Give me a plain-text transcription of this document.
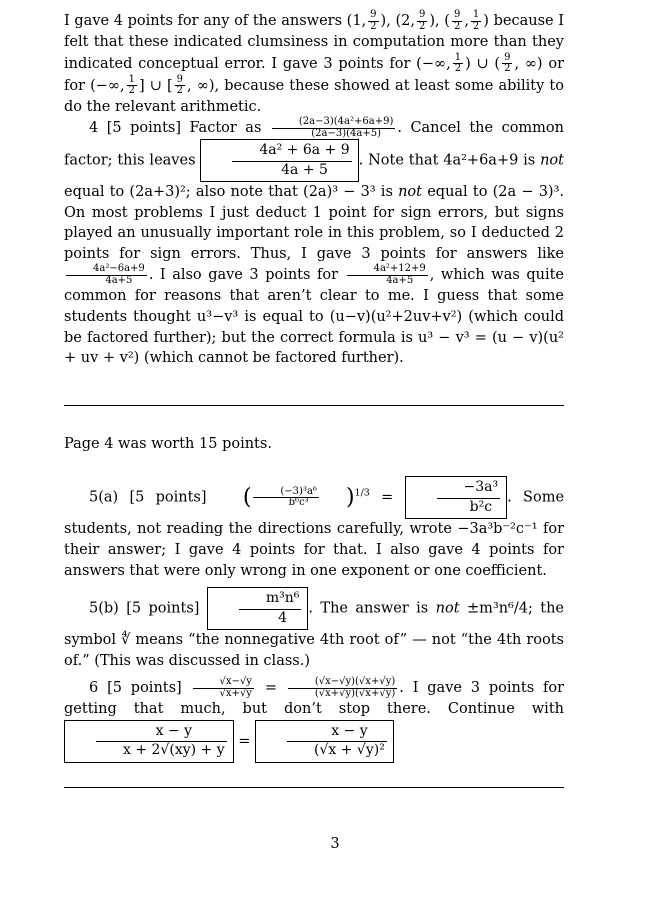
I gave 4 points for any of the answers (1, $\frac{9}{2}$ ), (2, $\frac{9}{2}$ ), ( $\frac{9}{2}$ , $\frac{1}{2}$ ) because I felt that these indicated clumsiness in computation more than they indicated conceptual error. I gave 3 points for (−∞, $\frac{1}{2}$ ) ∪ ( $\frac{9}{2}$ , ∞) or for (−∞, $\frac{1}{2}$ ] ∪ [ $\frac{9}{2}$ , ∞), because these showed at least some ability to do the relevant arithmetic.

4 [5 points] Factor as $\frac{\text{(2a−3)(4a²+6a+9)}}{(2a-3)(4a+5)}$ . Cancel the common factor; this leaves	$\frac{\text{4a² + 6a + 9}}{4a + 5}$ . Note that 4a²+6a+9 is not equal to (2a+3)²; also note that (2a)³ − 3³ is not equal to (2a − 3)³. On most problems I just deduct 1 point for sign errors, but signs played an unusually important role in this problem, so I deducted 2 points for sign errors. Thus, I gave 3 points for answers like
$\frac{\text{4a²−6a+9}}{4a+5}$ . I also gave 3 points for $\frac{\text{4a²+12+9}}{4a+5}$ , which was quite common for reasons that aren’t clear to me. I guess that some students thought u³−v³ is equal to (u−v)(u²+2uv+v²) (which could be factored further); but the correct formula is u³ − v³ = (u − v)(u² + uv + v²) (which cannot be factored further).

Page 4 was worth 15 points.

5(a) [5 points] ( $\frac{\text{(−3)³a⁶}}{\text{b⁶c³}} )^{1/3}$ =	$\frac{\text{−3a³}}{\text{b²c}}$ . Some students, not reading the directions carefully, wrote −3a³b⁻²c⁻¹ for their answer; I gave 4 points for that. I also gave 4 points for answers that were only wrong in one exponent or one coefficient.

5(b) [5 points]	$\frac{\text{m³n⁶}}{4}$ . The answer is not ±m³n⁶/4; the symbol ∜ means “the nonnegative 4th root of” — not “the 4th roots of.” (This was discussed in class.)

6 [5 points] $\frac{√x-√y}{√x+√y} = \frac{(√x-√y)(√x+√y)}{(√x+√y)(√x+√y)}$ . I gave 3 points for getting that much, but don’t stop there. Continue with
$\frac{x - y}{x + 2√(xy) + y}$ =	$\frac{x - y}{\text{(√x + √y)²}}$

3
